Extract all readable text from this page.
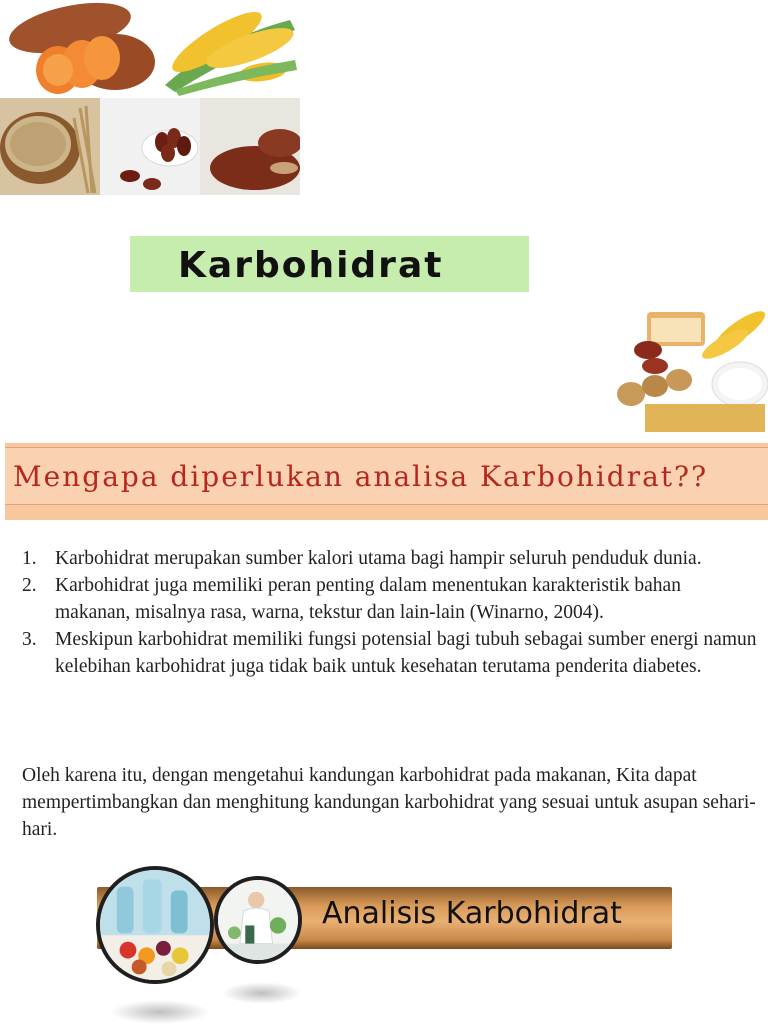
Karbohidrat
Mengapa diperlukan analisa Karbohidrat??
1. Karbohidrat merupakan sumber kalori utama bagi hampir seluruh penduduk dunia.
2. Karbohidrat juga memiliki peran penting dalam menentukan karakteristik bahan makanan, misalnya rasa, warna, tekstur dan lain-lain (Winarno, 2004).
3. Meskipun karbohidrat memiliki fungsi potensial bagi tubuh sebagai sumber energi namun kelebihan karbohidrat juga tidak baik untuk kesehatan terutama penderita diabetes.

Oleh karena itu, dengan mengetahui kandungan karbohidrat pada makanan, Kita dapat mempertimbangkan dan menghitung kandungan karbohidrat yang sesuai untuk asupan sehari-hari.

Analisis Karbohidrat
